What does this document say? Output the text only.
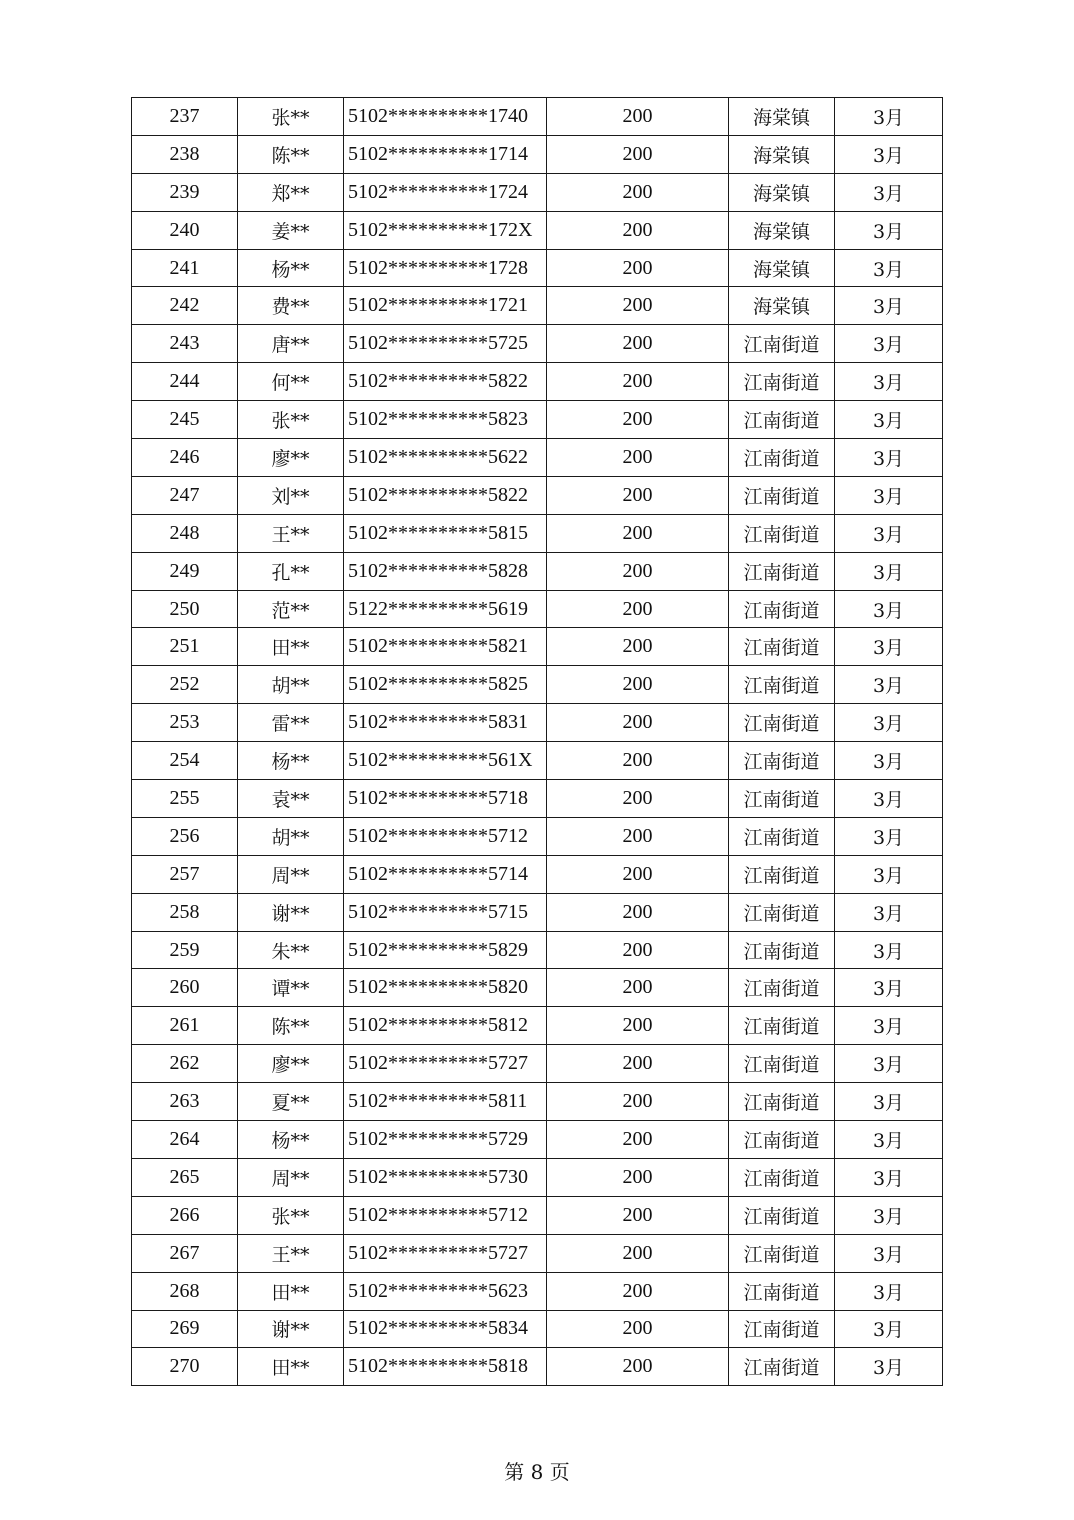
237	张**	5102**********1740	200	海棠镇	3月
238	陈**	5102**********1714	200	海棠镇	3月
239	郑**	5102**********1724	200	海棠镇	3月
240	姜**	5102**********172X	200	海棠镇	3月
241	杨**	5102**********1728	200	海棠镇	3月
242	费**	5102**********1721	200	海棠镇	3月
243	唐**	5102**********5725	200	江南街道	3月
244	何**	5102**********5822	200	江南街道	3月
245	张**	5102**********5823	200	江南街道	3月
246	廖**	5102**********5622	200	江南街道	3月
247	刘**	5102**********5822	200	江南街道	3月
248	王**	5102**********5815	200	江南街道	3月
249	孔**	5102**********5828	200	江南街道	3月
250	范**	5122**********5619	200	江南街道	3月
251	田**	5102**********5821	200	江南街道	3月
252	胡**	5102**********5825	200	江南街道	3月
253	雷**	5102**********5831	200	江南街道	3月
254	杨**	5102**********561X	200	江南街道	3月
255	袁**	5102**********5718	200	江南街道	3月
256	胡**	5102**********5712	200	江南街道	3月
257	周**	5102**********5714	200	江南街道	3月
258	谢**	5102**********5715	200	江南街道	3月
259	朱**	5102**********5829	200	江南街道	3月
260	谭**	5102**********5820	200	江南街道	3月
261	陈**	5102**********5812	200	江南街道	3月
262	廖**	5102**********5727	200	江南街道	3月
263	夏**	5102**********5811	200	江南街道	3月
264	杨**	5102**********5729	200	江南街道	3月
265	周**	5102**********5730	200	江南街道	3月
266	张**	5102**********5712	200	江南街道	3月
267	王**	5102**********5727	200	江南街道	3月
268	田**	5102**********5623	200	江南街道	3月
269	谢**	5102**********5834	200	江南街道	3月
270	田**	5102**********5818	200	江南街道	3月
第 8 页
